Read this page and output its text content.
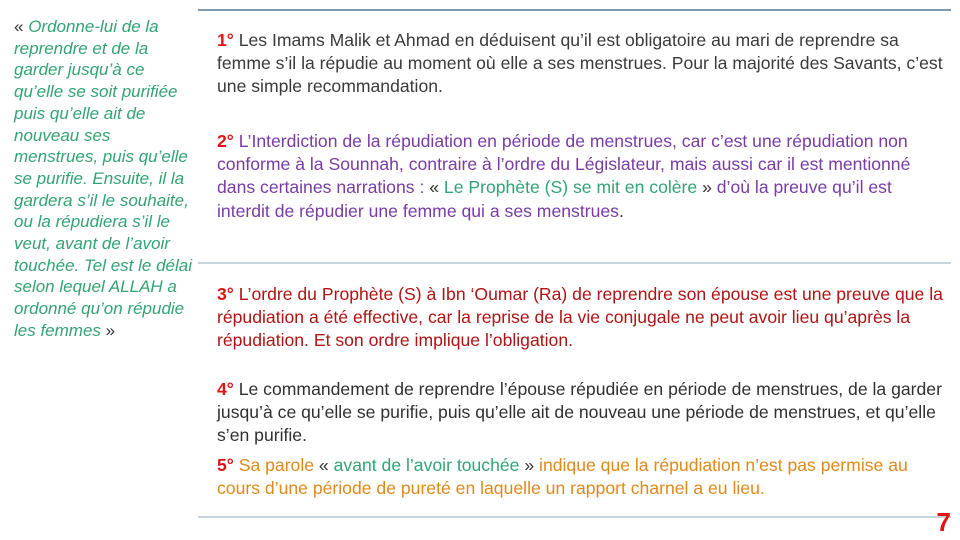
« Ordonne-lui de la reprendre et de la garder jusqu’à ce qu’elle se soit purifiée puis qu’elle ait de nouveau ses menstrues, puis qu’elle se purifie. Ensuite, il la gardera s’il le souhaite, ou la répudiera s’il le veut, avant de l’avoir touchée. Tel est le délai selon lequel ALLAH a ordonné qu’on répudie les femmes »
1° Les Imams Malik et Ahmad en déduisent qu’il est obligatoire au mari de reprendre sa femme s’il la répudie au moment où elle a ses menstrues. Pour la majorité des Savants, c’est une simple recommandation.
2° L’Interdiction de la répudiation en période de menstrues, car c’est une répudiation non conforme à la Sounnah, contraire à l’ordre du Législateur, mais aussi car il est mentionné dans certaines narrations : « Le Prophète (S) se mit en colère » d’où la preuve qu’il est interdit de répudier une femme qui a ses menstrues.
3° L’ordre du Prophète (S) à Ibn ‘Oumar (Ra) de reprendre son épouse est une preuve que la répudiation a été effective, car la reprise de la vie conjugale ne peut avoir lieu qu’après la répudiation. Et son ordre implique l’obligation.
4° Le commandement de reprendre l’épouse répudiée en période de menstrues, de la garder jusqu’à ce qu’elle se purifie, puis qu’elle ait de nouveau une période de menstrues, et qu’elle s’en purifie.
5° Sa parole « avant de l’avoir touchée » indique que la répudiation n’est pas permise au cours d’une période de pureté en laquelle un rapport charnel a eu lieu.
7
